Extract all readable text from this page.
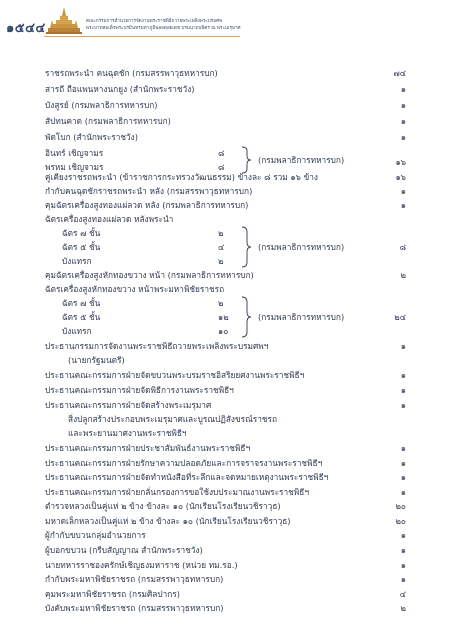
๑๕๔๔	คณะกรรมการอำนวยการจัดงานพระราชพิธีถวายพระเพลิงพระบรมศพ
พระบาทสมเด็จพระปรมินทรมหาภูมิพลอดุลยเดช บรมนาถบพิตร ณ พระเมรุมาศ
ราชรถพระนำ คนฉุดชัก (กรมสรรพาวุธทหารบก)	๗๔
สารถี ถือแพนหางนกยูง (สำนักพระราชวัง)	๑
บังสูรย์ (กรมพลาธิการทหารบก)	๑
สัปทนคาด (กรมพลาธิการทหารบก)	๑
พัดโบก (สำนักพระราชวัง)	๑
อินทร์ เชิญจามร	๘
พรหม เชิญจามร	๘
(กรมพลาธิการทหารบก)	๑๖
คู่เคียงราชรถพระนำ (ข้าราชการกระทรวงวัฒนธรรม) ข้างละ ๘ รวม ๑๖ ข้าง	๑๖
กำกับคนฉุดชักราชรถพระนำ หลัง (กรมสรรพาวุธทหารบก)	๑
คุมฉัตรเครื่องสูงทองแผ่ลวด หลัง (กรมพลาธิการทหารบก)	๑
ฉัตรเครื่องสูงทองแผ่ลวด หลังพระนำ
ฉัตร ๗ ชั้น	๒
ฉัตร ๕ ชั้น	๔
บังแทรก	๒
(กรมพลาธิการทหารบก)	๘
คุมฉัตรเครื่องสูงหักทองขวาง หน้า (กรมพลาธิการทหารบก)	๒
ฉัตรเครื่องสูงหักทองขวาง หน้าพระมหาพิชัยราชรถ
ฉัตร ๗ ชั้น	๒
ฉัตร ๕ ชั้น	๑๒
บังแทรก	๑๐
(กรมพลาธิการทหารบก)	๒๔
ประธานกรรมการจัดงานพระราชพิธีถวายพระเพลิงพระบรมศพฯ	๑
(นายกรัฐมนตรี)
ประธานคณะกรรมการฝ่ายจัดขบวนพระบรมราชอิสริยยศงานพระราชพิธีฯ	๑
ประธานคณะกรรมการฝ่ายจัดพิธีการงานพระราชพิธีฯ	๑
ประธานคณะกรรมการฝ่ายจัดสร้างพระเมรุมาศ	๑
สิ่งปลูกสร้างประกอบพระเมรุมาศและบูรณปฏิสังขรณ์ราชรถ
และพระยานมาศงานพระราชพิธีฯ
ประธานคณะกรรมการฝ่ายประชาสัมพันธ์งานพระราชพิธีฯ	๑
ประธานคณะกรรมการฝ่ายรักษาความปลอดภัยและการจราจรงานพระราชพิธีฯ	๑
ประธานคณะกรรมการฝ่ายจัดทำหนังสือที่ระลึกและจดหมายเหตุงานพระราชพิธีฯ	๑
ประธานคณะกรรมการฝ่ายกลั่นกรองการขอใช้งบประมาณงานพระราชพิธีฯ	๑
ตำรวจหลวงเป็นคู่แห่ ๒ ข้าง ข้างละ ๑๐ (นักเรียนโรงเรียนวชิราวุธ)	๒๐
มหาดเล็กหลวงเป็นคู่แห่ ๒ ข้าง ข้างละ ๑๐ (นักเรียนโรงเรียนวชิราวุธ)	๒๐
ผู้กำกับขบวนกลุ่มอำนวยการ	๑
ผู้บอกขบวน (กรีบสัญญาณ สำนักพระราชวัง)	๑
นายทหารราชองครักษ์เชิญธงมหาราช (หน่วย ทม.รอ.)	๑
กำกับพระมหาพิชัยราชรถ (กรมสรรพาวุธทหารบก)	๑
คุมพระมหาพิชัยราชรถ (กรมศิลปากร)	๔
บังคับพระมหาพิชัยราชรถ (กรมสรรพาวุธทหารบก)	๒
